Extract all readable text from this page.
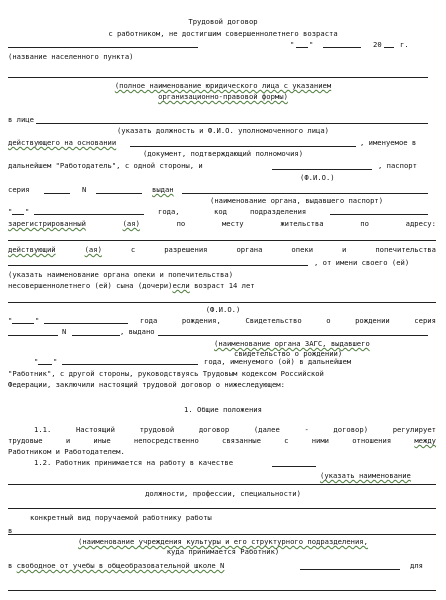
Трудовой договор
с работником, не достигшим совершеннолетнего возраста
" "	20	г.
(название населенного пункта)
(полное наименование юридического лица с указанием
организационно-правовой формы)
в лице
(указать должность и Ф.И.О. уполномоченного лица)
действующего на основании	, именуемое в
(документ, подтверждающий полномочия)
дальнейшем "Работодатель", с одной стороны, и	, паспорт
(Ф.И.О.)
серия	N	выдан
(наименование органа, выдавшего паспорт)
" "	года,	код	подразделения
зарегистрированный	(ая)	по	месту	жительства	по	адресу:
действующий	(ая)	с	разрешения	органа	опеки	и	попечительства
, от имени своего (ей)
(указать наименование органа опеки и попечительства)
несовершеннолетнего (ей) сына (дочери)если возраст 14 лет
(Ф.И.О.)
"	"	года	рождения,	Свидетельство	о	рождении	серия
N	, выдано
(наименование органа ЗАГС, выдавшего
свидетельство о рождении)
" "	года, именуемого (ой) в дальнейшем
"Работник", с другой стороны, руководствуясь Трудовым кодексом Российской
Федерации, заключили настоящий трудовой договор о нижеследующем:
1. Общие положения
1.1.	Настоящий	трудовой	договор	(далее	-	договор)	регулирует
трудовые	и	иные	непосредственно	связанные	с	ними	отношения	между
Работником и Работодателем.
1.2. Работник принимается на работу в качестве
(указать наименование
должности, профессии, специальности)
конкретный вид поручаемой работнику работы
в
(наименование учреждения культуры и его структурного подразделения,
куда принимается Работник)
в свободное от учебы в общеобразовательной школе N	для
